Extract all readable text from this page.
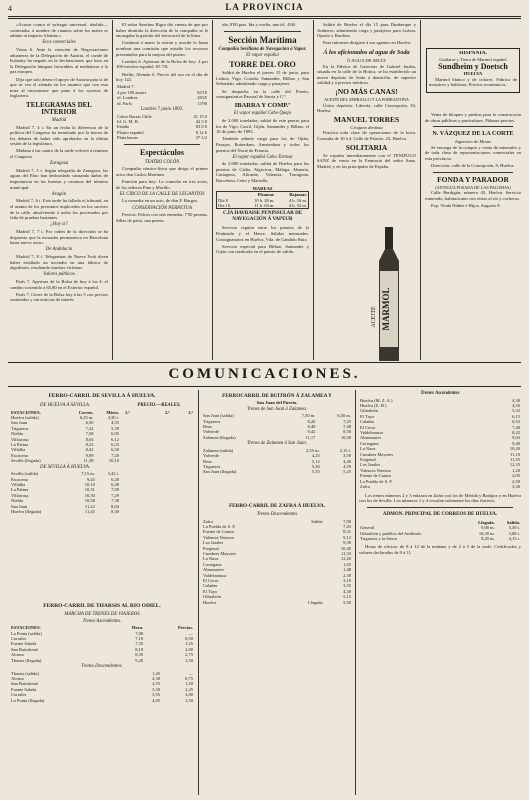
4	LA PROVINCIA

«Acusar contra el sufragio universal, abolido—contestaba, á nombre de cuantos sobre los males se admite al imperio Alemán.»

Ecos comerciales

Viena 6. Ante la votación de Negociaciones aduaneras de la Delegación de Austria, el conde de Kalnoky ha negado en la declaraciones que hizo en la Delegación húngara favorables al mediatizar á la paz europea.

Dijo que solo desea el apoyo de Austria para sí de que se vea el alemán en los asuntos que con esta mira al encontrarse que pone á los sucesos de Inglaterra.

TELEGRAMAS DEL INTERIOR
Madrid

Madrid 7, 4 t. En un fecha la diferencia de la política del Congreso ha terminado por la fuerza de los debates de haber sido aprobados en la última sesión de la legislatura.

Mañana á las cuatro de la tarde volverá á reunirse el Congreso.

Zaragoza

Madrid 7, 5 t. Según telegrafía de Zaragoza, las aguas del Ebro han desbordado causando daños de importancia en las huertas y caminos del término municipal.

Aragón

Madrid 7, 6 t. Este tarde ha fallado el tribunal, en el asunto de los presuntos implicados en los sucesos de la calle, absolviendo á todos los procesados por falta de pruebas bastantes.

¿Hoy sí?

Madrid 7, 7 t. Por orden de la dirección se ha dispuesto que la escuadra permanezca en Barcelona hasta nuevo aviso.

De Andalucía

Madrid 7, 8 t. Telegramas de Nueva York dicen haber estallado un incendio en una fábrica de algodones, resultando muchas víctimas.

Valores públicos

París 7. Apertura de la Bolsa de hoy á las 4: el cambio sostenido á 65,80 en el Exterior español.

París 7. Cierre de la Bolsa hoy á las 5 con precios sostenidos y sin noticias de interés.

El señor Sanchez Rigor dio cuenta de que por haber dimitido la dirección de la compañía se le encargaba la gestión del ferrocarril de la línea.

Continuó á mano la sesión y acordó la Junta nombrar una comisión que estudie los recursos presentados para la mejora del puerto.

Londres 6. Apertura de la Bolsa de hoy: 4 por 100 exterior español, 65 7/8.

Berlín, Alemán 6. Precio del oro en el día de hoy 122.

Madrid 7.	
4 por 100 amort.	65'10
id. Londres	28'25
id. París	13'90
Londres 7 junio 1893.
Cobre Barras Chile	41 15 0
Id. G. M. B.	42 5 0
Estaño	83 0 0
Plomo español	9 12 6
Plata barras	37 1/2
Espectáculos
TEATRO COLÓN

Compañía cómico-lírica que dirige el primer actor don Carlos Martínez.

Función para hoy: La comedia en tres actos, de los señores Pina y Morillo.

EL CIRCO DE LA CALLE DE LEGANITOS

La comedia en un acto, de don F. Burgos.

CONSERVACIÓN PERPETUA

Precios: Palcos con seis entradas, 7'50 pesetas. Sillas de patio, una peseta.

ida, 9'00 ptas. Ida y vuelta, una id., 4'60.

Sección Marítima
Compañía Sevillana de Navegación á Vapor.
El vapor español
TORRE DEL ORO

Saldrá de Huelva el jueves 15 de junio, para Lisboa, Vigo, Coruña, Santander, Bilbao y San Sebastián, admitiendo carga y pasajeros.

Se despacha en la calle del Puerto, consignatarios Pascual de Sarria y C.ª

IBARRA Y COMP.ª
El vapor español Cabo Quejo

de 2.000 toneladas, saldrá de este puerto para los de Vigo, Carril, Gijón, Santander y Bilbao, el 10 de junio de 1893.

También admite carga para los de Ojián, Pasajes, Rotterdam, Amsterdam y todos los puertos del Norte de Francia.

El vapor español Cabo Tortosa

de 2.000 toneladas, saldrá de Huelva para los puertos de Cádiz, Algeciras, Málaga, Almería, Cartagena, Alicante, Valencia, Tarragona, Barcelona, Cette y Marsella.

MAREAS
	Pleamar.	Bajamar.
Día 8	10 h. 28 m.	4 h. 16 m.
Día 10	11 h. 04 m.	4 h. 52 m.
C.ÍA HAVRAISE PENINSULAR DE NAVEGACIÓN Á VAPEUR

Servicio regular entre los puertos de la Península y el Havre. Salidas mensuales. Consignatarios en Huelva, Vda. de Cándido Ruiz.

Servicio especial para Bilbao, Santander y Gijón con trasbordo en el puerto de salida.

Saldrá de Huelva el día 15 para Dunkerque y Amberes, admitiendo carga y pasajeros para Lisboa, Oporto y Burdeos.

Para informes dirigirse á sus agentes en Huelva.

Á los aficionados al agua de Soda
Ó AGUA DE SELTZ

En la Fábrica de Gaseosas de Gabriel Jaraba, situada en la calle de la Botica, se ha establecido un nuevo depósito de Soda á domicilio, de superior calidad y á precios módicos.

¡NO MÁS CANAS!
ACEITE DEL SERRALLO Y LA FORRANTINA

Único depósito: Librería, calle Concepción, 10, Huelva.

MANUEL TORRES
Cirujano dentista

Practica toda clase de operaciones de la boca. Consulta de 10 á 4. Calle de Palacio, 23, Huelva.

SOLITARIA

Se expulsa inmediatamente con el TENIFUGO SANZ de venta en la Farmacia del señor Sanz, Madrid, y en las principales de España.

MARMOL
ACEITE
HISPANIA.
Guiñarse y Tierra de Marmol español
Sundheim y Doetsch
HUELVA

Marmol blanco y de colores. Fábrica de mosaicos y baldosas. Precios económicos.

Venta de bloques y piedras para la construcción de obras públicas y particulares. Pídanse precios.

N. VÁZQUEZ DE LA CORTE
Ingeniero de Minas

Se encarga de la compra y venta de minerales y de toda clase de representaciones comerciales en esta provincia.

Dirección: calle de la Concepción, 8, Huelva.

FONDA Y PARADOR
(ANTIGUA POSADA DE LAS PALOMAS)

Calle Berdigón, número 45, Huelva. Servicio esmerado, habitaciones con vistas al río y cocheras.

Esp. Viuda Núñez é Hijos, Augusto 8.

COMUNICACIONES.
FERRO-CARRIL DE SEVILLA Á HUELVA.
DE HUELVA Á SEVILLA.
ESTACIONES.	Correo.	Mixto.
Huelva (salida)	6,25 m.	4,30 t.
San Juan	6,50	4,55
Trigueros	7,32	5,39
Niebla	7,58	6,05
Villarrasa	8,04	6,12
La Palma	8,23	6,33
Villalba	8,41	6,50
Escacena	9,09	7,20
Sevilla (llegada)	11,38	10,10
DE SEVILLA Á HUELVA.
Sevilla (salida)	7,15 m.	3,42 t.
Escacena	9,45	6,20
Villalba	10,10	6,48
La Palma	10,31	7,09
Villarrasa	10,50	7,29
Niebla	10,58	7,38
San Juan	11,22	8,04
Huelva (llegada)	11,45	8,30
PRECIO.—REALES.
1.ª	2.ª	3.ª
FERRO-CARRIL DE THARSIS AL RIO ODIEL.
MARCHA DE TRENES DE VIAJEROS
Trenes Ascendentes.
ESTACIONES.	Hora.	Precios.
La Punta (salida)	7,00	—
Corrales	7,10	0,50
Fuente Salada	7,35	1,25
San Bartolomé	8,10	2,00
Alonso	8,35	2,75
Tharsis (llegada)	9,20	3,50
Trenes Descendentes.
Tharsis (salida)	1,45	—
Alonso	2,30	0,75
San Bartolomé	2,55	1,50
Fuente Salada	3,30	2,25
Corrales	3,55	3,00
La Punta (llegada)	4,05	3,50
FERROCARRIL DE BUITRÓN Á ZALAMEA Y
San Juan del Puerto.
Trenes de San Juan á Zalamea.
San Juan (salida)	7,50 m.	6,50 m.
Trigueros	8,20	7,25
Beas	8,40	7,48
Valverde	9,42	8,58
Zalamea (llegada)	11,17	10,30
Trenes de Zalamea á San Juan.
Zalamea (salida)	2,55 m.	2,15 t.
Valverde	4,25	3,50
Beas	5,12	4,40
Trigueros	5,30	4,59
San Juan (llegada)	5,55	5,25
FERRO-CARRIL DE ZAFRA Á HUELVA.
Trenes Descendentes
Zafra	Salida	7,00
La Puebla de S. F.		7,43
Fuente de Cantos		8,31
Valencia Ventoso		9,12
Los Jarales		9,58
Fregenal		10,40
Cumbres Mayores		11,33
La Nava		12,20
Cortegana		1,05
Almonaster		1,48
Valdelamusa		2,30
El Cerro		3,10
Calañas		3,55
El Tuyo		4,30
Gibraleón		5,15
Huelva	Llegada	5,50
Trenes Ascendentes
Huelva (M. Z. A.)	4,30
Huelva (Z. H.)	4,50
Gibraleón	5,32
El Tuyo	6,15
Calañas	6,52
El Cerro	7,40
Valdelamusa	8,22
Almonaster	9,03
Cortegana	9,40
La Nava	10,20
Cumbres Mayores	11,10
Fregenal	11,55
Los Jarales	12,35
Valencia Ventoso	1,20
Fuente de Cantos	2,05
La Puebla de S. F.	2,50
Zafra	3,30

Los trenes números 2 y 3 enlazan en Zafra con los de Mérida y Badajoz y en Huelva con los de Sevilla. Los números 1 y 4 circulan solamente los días festivos.

ADMON. PRINCIPAL DE CORREOS DE HUELVA.
	Llegada.	Salida.
General	9,00 m.	5,30 t.
Gibraleón y pueblos del Andévalo	10,30 m.	3,00 t.
Trigueros y la Sierra	8,45 m.	4,15 t.

Horas de oficina: de 8 á 12 de la mañana y de 2 á 5 de la tarde. Certificados y valores declarados de 9 á 11.
